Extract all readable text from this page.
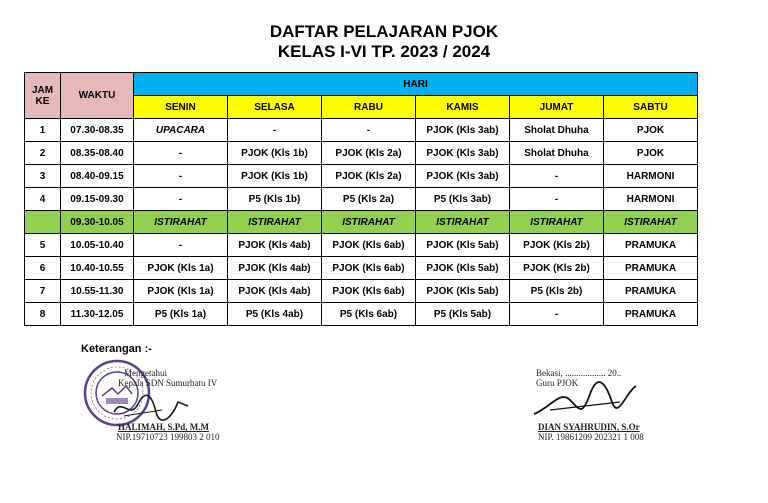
DAFTAR PELAJARAN PJOK
KELAS I-VI TP. 2023 / 2024
JAM KE	WAKTU	HARI					
		SENIN	SELASA	RABU	KAMIS	JUMAT	SABTU
1	07.30-08.35	UPACARA	-	-	PJOK (Kls 3ab)	Sholat Dhuha	PJOK
2	08.35-08.40	-	PJOK (Kls 1b)	PJOK (Kls 2a)	PJOK (Kls 3ab)	Sholat Dhuha	PJOK
3	08.40-09.15	-	PJOK (Kls 1b)	PJOK (Kls 2a)	PJOK (Kls 3ab)	-	HARMONI
4	09.15-09.30	-	P5 (Kls 1b)	P5 (Kls 2a)	P5 (Kls 3ab)	-	HARMONI
	09.30-10.05	ISTIRAHAT	ISTIRAHAT	ISTIRAHAT	ISTIRAHAT	ISTIRAHAT	ISTIRAHAT
5	10.05-10.40	-	PJOK (Kls 4ab)	PJOK (Kls 6ab)	PJOK (Kls 5ab)	PJOK (Kls 2b)	PRAMUKA
6	10.40-10.55	PJOK (Kls 1a)	PJOK (Kls 4ab)	PJOK (Kls 6ab)	PJOK (Kls 5ab)	PJOK (Kls 2b)	PRAMUKA
7	10.55-11.30	PJOK (Kls 1a)	PJOK (Kls 4ab)	PJOK (Kls 6ab)	PJOK (Kls 5ab)	P5 (Kls 2b)	PRAMUKA
8	11.30-12.05	P5 (Kls 1a)	P5 (Kls 4ab)	P5 (Kls 6ab)	P5 (Kls 5ab)	-	PRAMUKA
Keterangan :-
Mengetahui
Kepala SDN Sumurbatu IV
HALIMAH, S.Pd, M.M
NIP.19710723 199803 2 010
Bekasi, .................. 20..
Guru PJOK
DIAN SYAHRUDIN, S.Or
NIP. 19861209 202321 1 008
